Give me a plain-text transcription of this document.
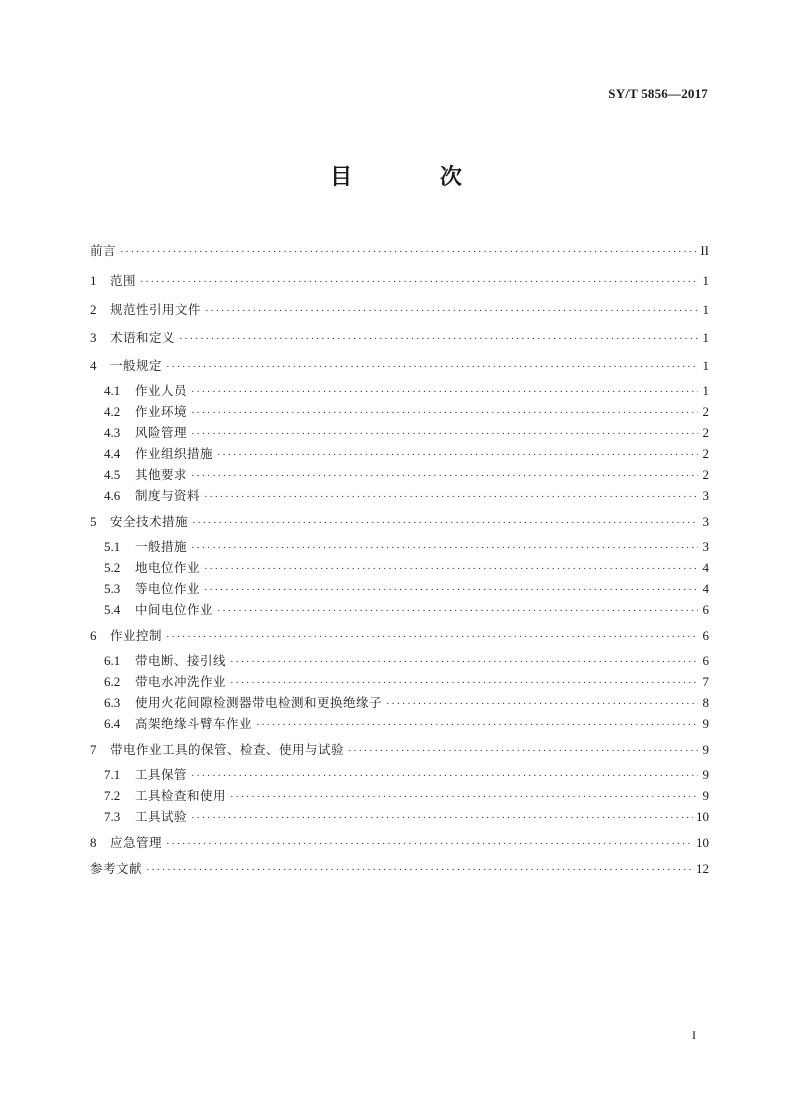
SY/T 5856—2017
目 次
前言 ·····	II
1	范围 ·····	1
2	规范性引用文件 ·····	1
3	术语和定义 ·····	1
4	一般规定 ·····	1
4.1	作业人员 ·····	1
4.2	作业环境 ·····	2
4.3	风险管理 ·····	2
4.4	作业组织措施 ·····	2
4.5	其他要求 ·····	2
4.6	制度与资料 ·····	3
5	安全技术措施 ·····	3
5.1	一般措施 ·····	3
5.2	地电位作业 ·····	4
5.3	等电位作业 ·····	4
5.4	中间电位作业 ·····	6
6	作业控制 ·····	6
6.1	带电断、接引线 ·····	6
6.2	带电水冲洗作业 ·····	7
6.3	使用火花间隙检测器带电检测和更换绝缘子 ·····	8
6.4	高架绝缘斗臂车作业 ·····	9
7	带电作业工具的保管、检查、使用与试验 ·····	9
7.1	工具保管 ·····	9
7.2	工具检查和使用 ·····	9
7.3	工具试验 ·····	10
8	应急管理 ·····	10
参考文献 ·····	12
I
